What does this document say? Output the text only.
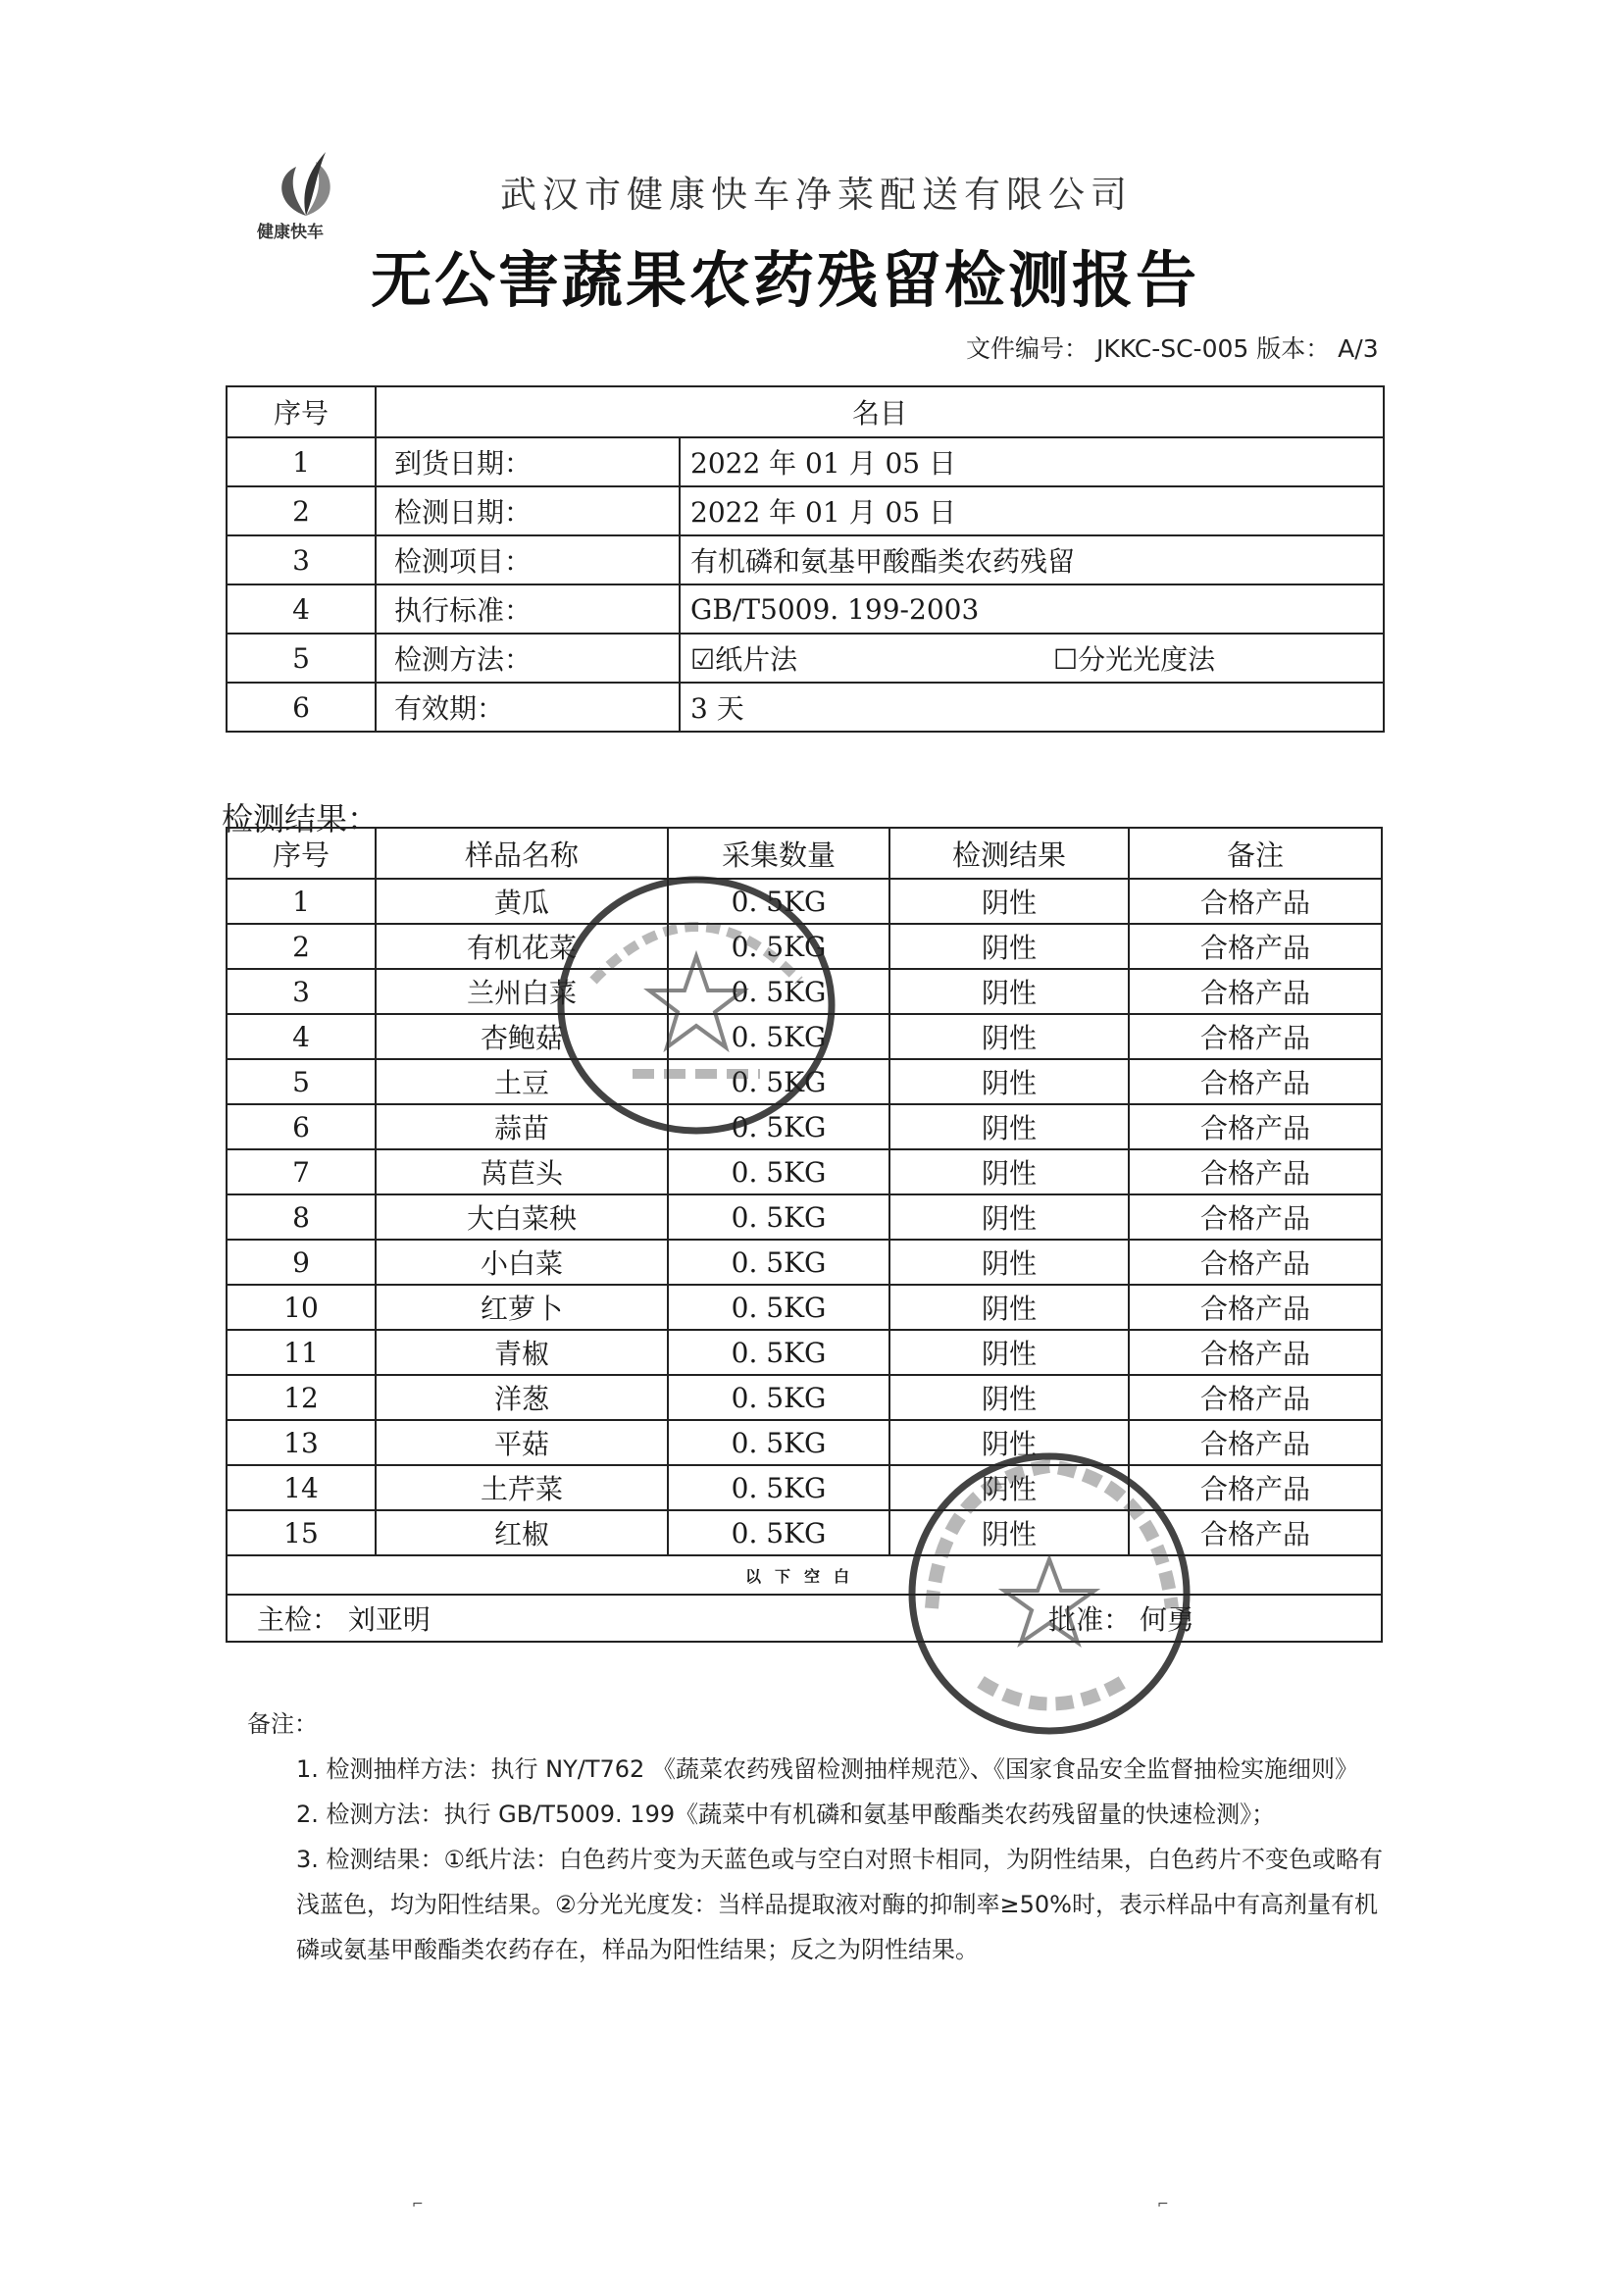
健康快车
武汉市健康快车净菜配送有限公司
无公害蔬果农药残留检测报告
文件编号： JKKC-SC-005 版本： A/3
序号	名目	
1	到货日期：	2022 年 01 月 05 日
2	检测日期：	2022 年 01 月 05 日
3	检测项目：	有机磷和氨基甲酸酯类农药残留
4	执行标准：	GB/T5009. 199-2003
5	检测方法：	☑纸片法 ☐分光光度法

6	有效期：	3 天
检测结果：
序号	样品名称	采集数量	检测结果	备注
1	黄瓜	0. 5KG	阴性	合格产品
2	有机花菜	0. 5KG	阴性	合格产品
3	兰州白菜	0. 5KG	阴性	合格产品
4	杏鲍菇	0. 5KG	阴性	合格产品
5	土豆	0. 5KG	阴性	合格产品
6	蒜苗	0. 5KG	阴性	合格产品
7	莴苣头	0. 5KG	阴性	合格产品
8	大白菜秧	0. 5KG	阴性	合格产品
9	小白菜	0. 5KG	阴性	合格产品
10	红萝卜	0. 5KG	阴性	合格产品
11	青椒	0. 5KG	阴性	合格产品
12	洋葱	0. 5KG	阴性	合格产品
13	平菇	0. 5KG	阴性	合格产品
14	土芹菜	0. 5KG	阴性	合格产品
15	红椒	0. 5KG	阴性	合格产品
以下空白				

主检： 刘亚明 批准： 何勇				
备注：
1. 检测抽样方法：执行 NY/T762 《蔬菜农药残留检测抽样规范》、《国家食品安全监督抽检实施细则》
2. 检测方法：执行 GB/T5009. 199《蔬菜中有机磷和氨基甲酸酯类农药残留量的快速检测》；
3. 检测结果：①纸片法：白色药片变为天蓝色或与空白对照卡相同，为阴性结果，白色药片不变色或略有浅蓝色，均为阳性结果。②分光光度发：当样品提取液对酶的抑制率≥50%时，表示样品中有高剂量有机磷或氨基甲酸酯类农药存在，样品为阳性结果；反之为阴性结果。
⌐	⌐
